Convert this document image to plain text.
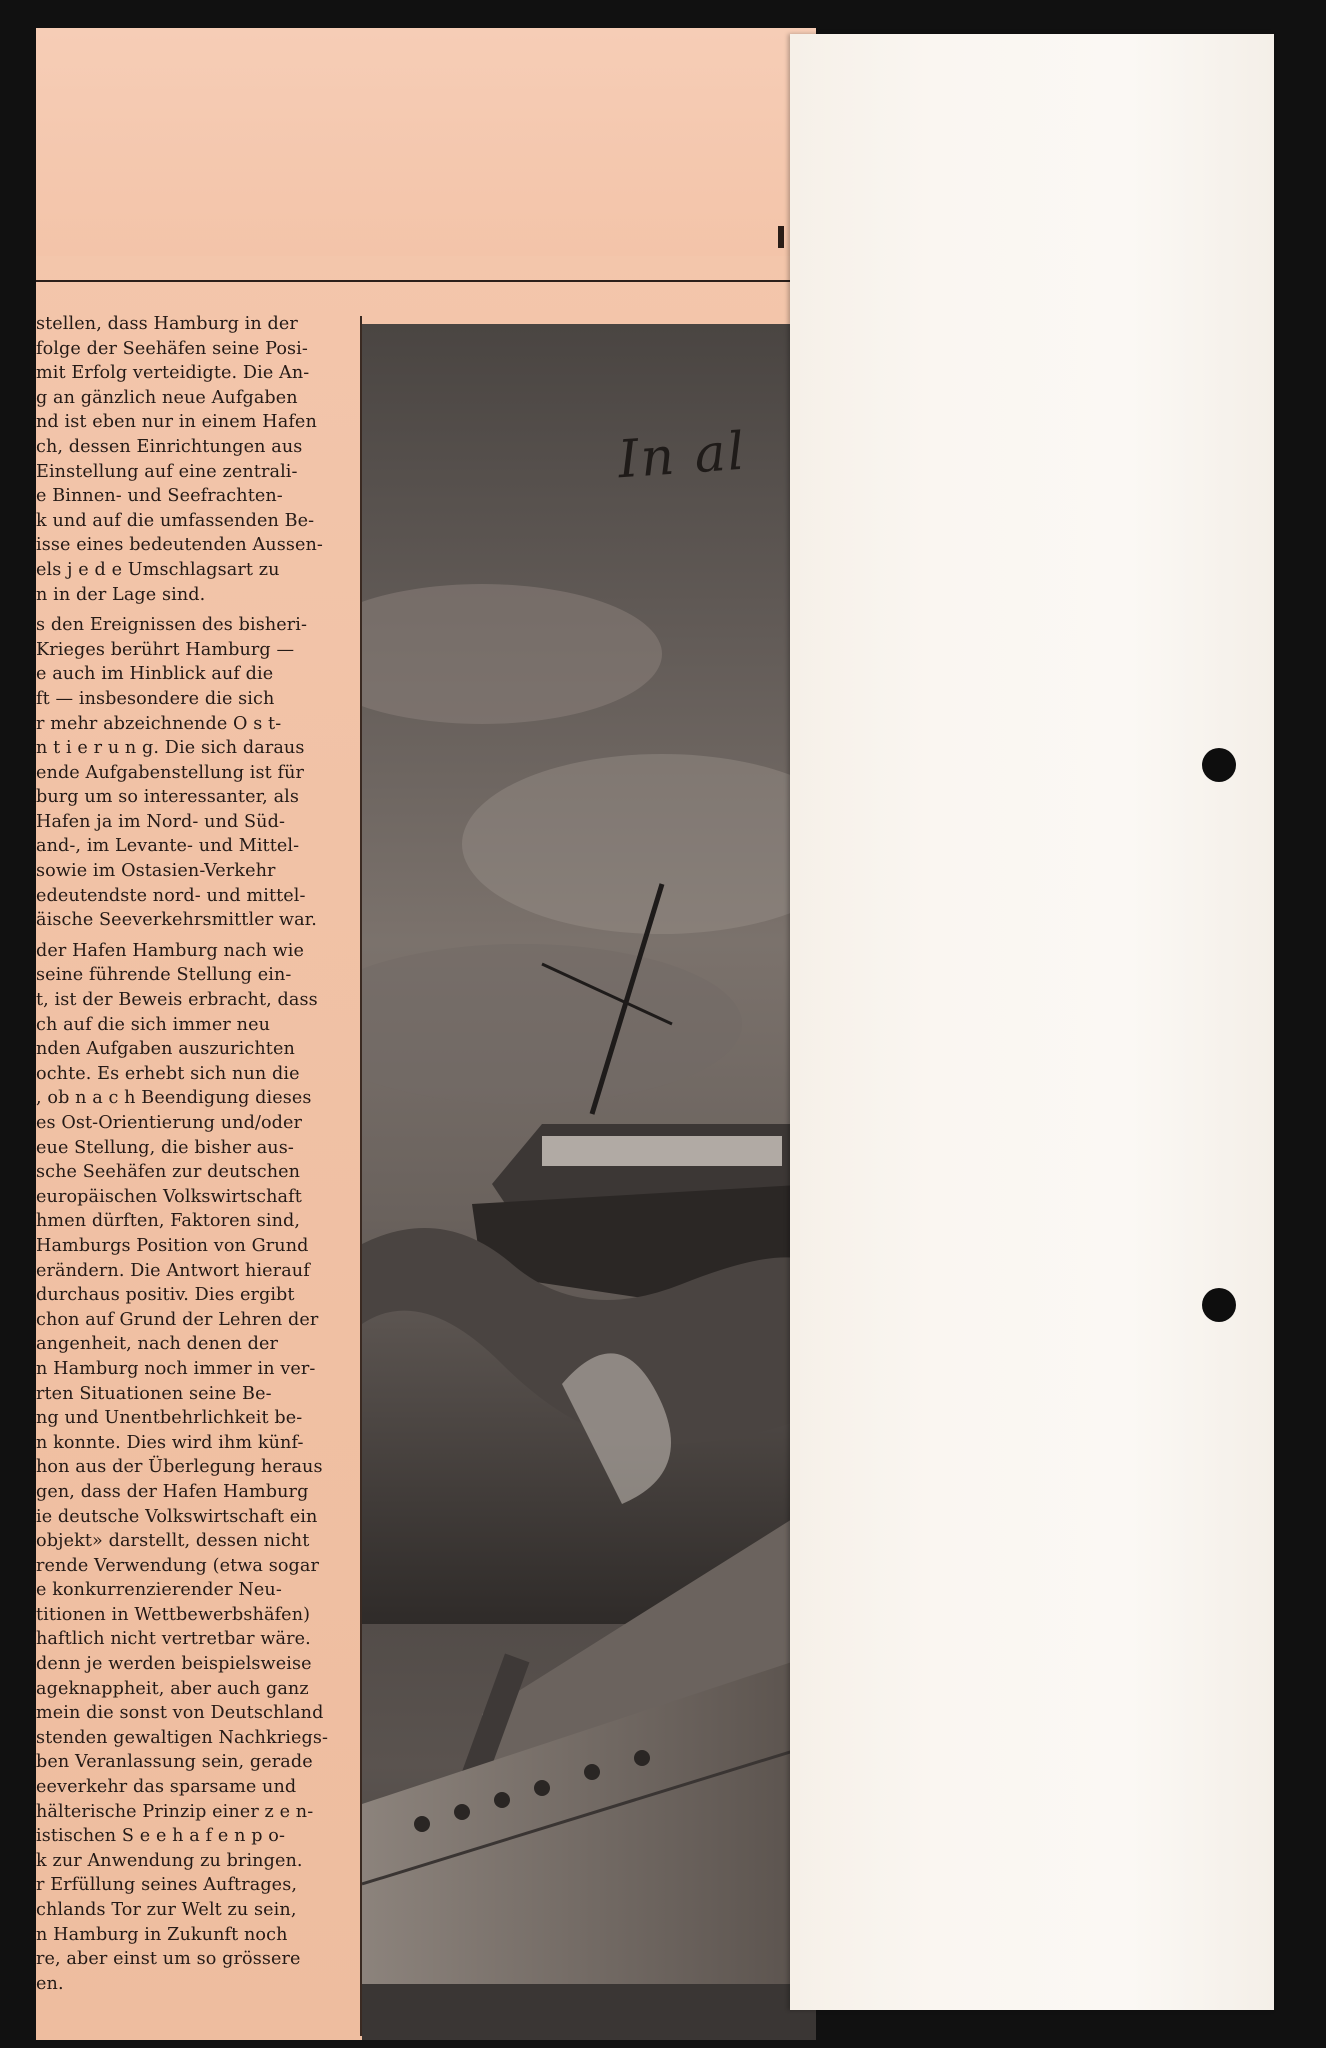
stellen, dass Hamburg in der
folge der Seehäfen seine Posi-
mit Erfolg verteidigte. Die An-
g an gänzlich neue Aufgaben
nd ist eben nur in einem Hafen
ch, dessen Einrichtungen aus
Einstellung auf eine zentrali-
e Binnen- und Seefrachten-
k und auf die umfassenden Be-
isse eines bedeutenden Aussen-
els j e d e Umschlagsart zu
n in der Lage sind.
s den Ereignissen des bisheri-
Krieges berührt Hamburg —
e auch im Hinblick auf die
ft — insbesondere die sich
r mehr abzeichnende O s t-
n t i e r u n g. Die sich daraus
ende Aufgabenstellung ist für
burg um so interessanter, als
Hafen ja im Nord- und Süd-
and-, im Levante- und Mittel-
sowie im Ostasien-Verkehr
edeutendste nord- und mittel-
äische Seeverkehrsmittler war.
der Hafen Hamburg nach wie
seine führende Stellung ein-
t, ist der Beweis erbracht, dass
ch auf die sich immer neu
nden Aufgaben auszurichten
ochte. Es erhebt sich nun die
, ob n a c h Beendigung dieses
es Ost-Orientierung und/oder
eue Stellung, die bisher aus-
sche Seehäfen zur deutschen
europäischen Volkswirtschaft
hmen dürften, Faktoren sind,
Hamburgs Position von Grund
erändern. Die Antwort hierauf
durchaus positiv. Dies ergibt
chon auf Grund der Lehren der
angenheit, nach denen der
n Hamburg noch immer in ver-
rten Situationen seine Be-
ng und Unentbehrlichkeit be-
n konnte. Dies wird ihm künf-
hon aus der Überlegung heraus
gen, dass der Hafen Hamburg
ie deutsche Volkswirtschaft ein
objekt» darstellt, dessen nicht
rende Verwendung (etwa sogar
e konkurrenzierender Neu-
titionen in Wettbewerbshäfen)
haftlich nicht vertretbar wäre.
denn je werden beispielsweise
ageknappheit, aber auch ganz
mein die sonst von Deutschland
stenden gewaltigen Nachkriegs-
ben Veranlassung sein, gerade
eeverkehr das sparsame und
hälterische Prinzip einer z e n-
istischen S e e h a f e n p o-
k zur Anwendung zu bringen.
r Erfüllung seines Auftrages,
chlands Tor zur Welt zu sein,
n Hamburg in Zukunft noch
re, aber einst um so grössere
en.
In al
